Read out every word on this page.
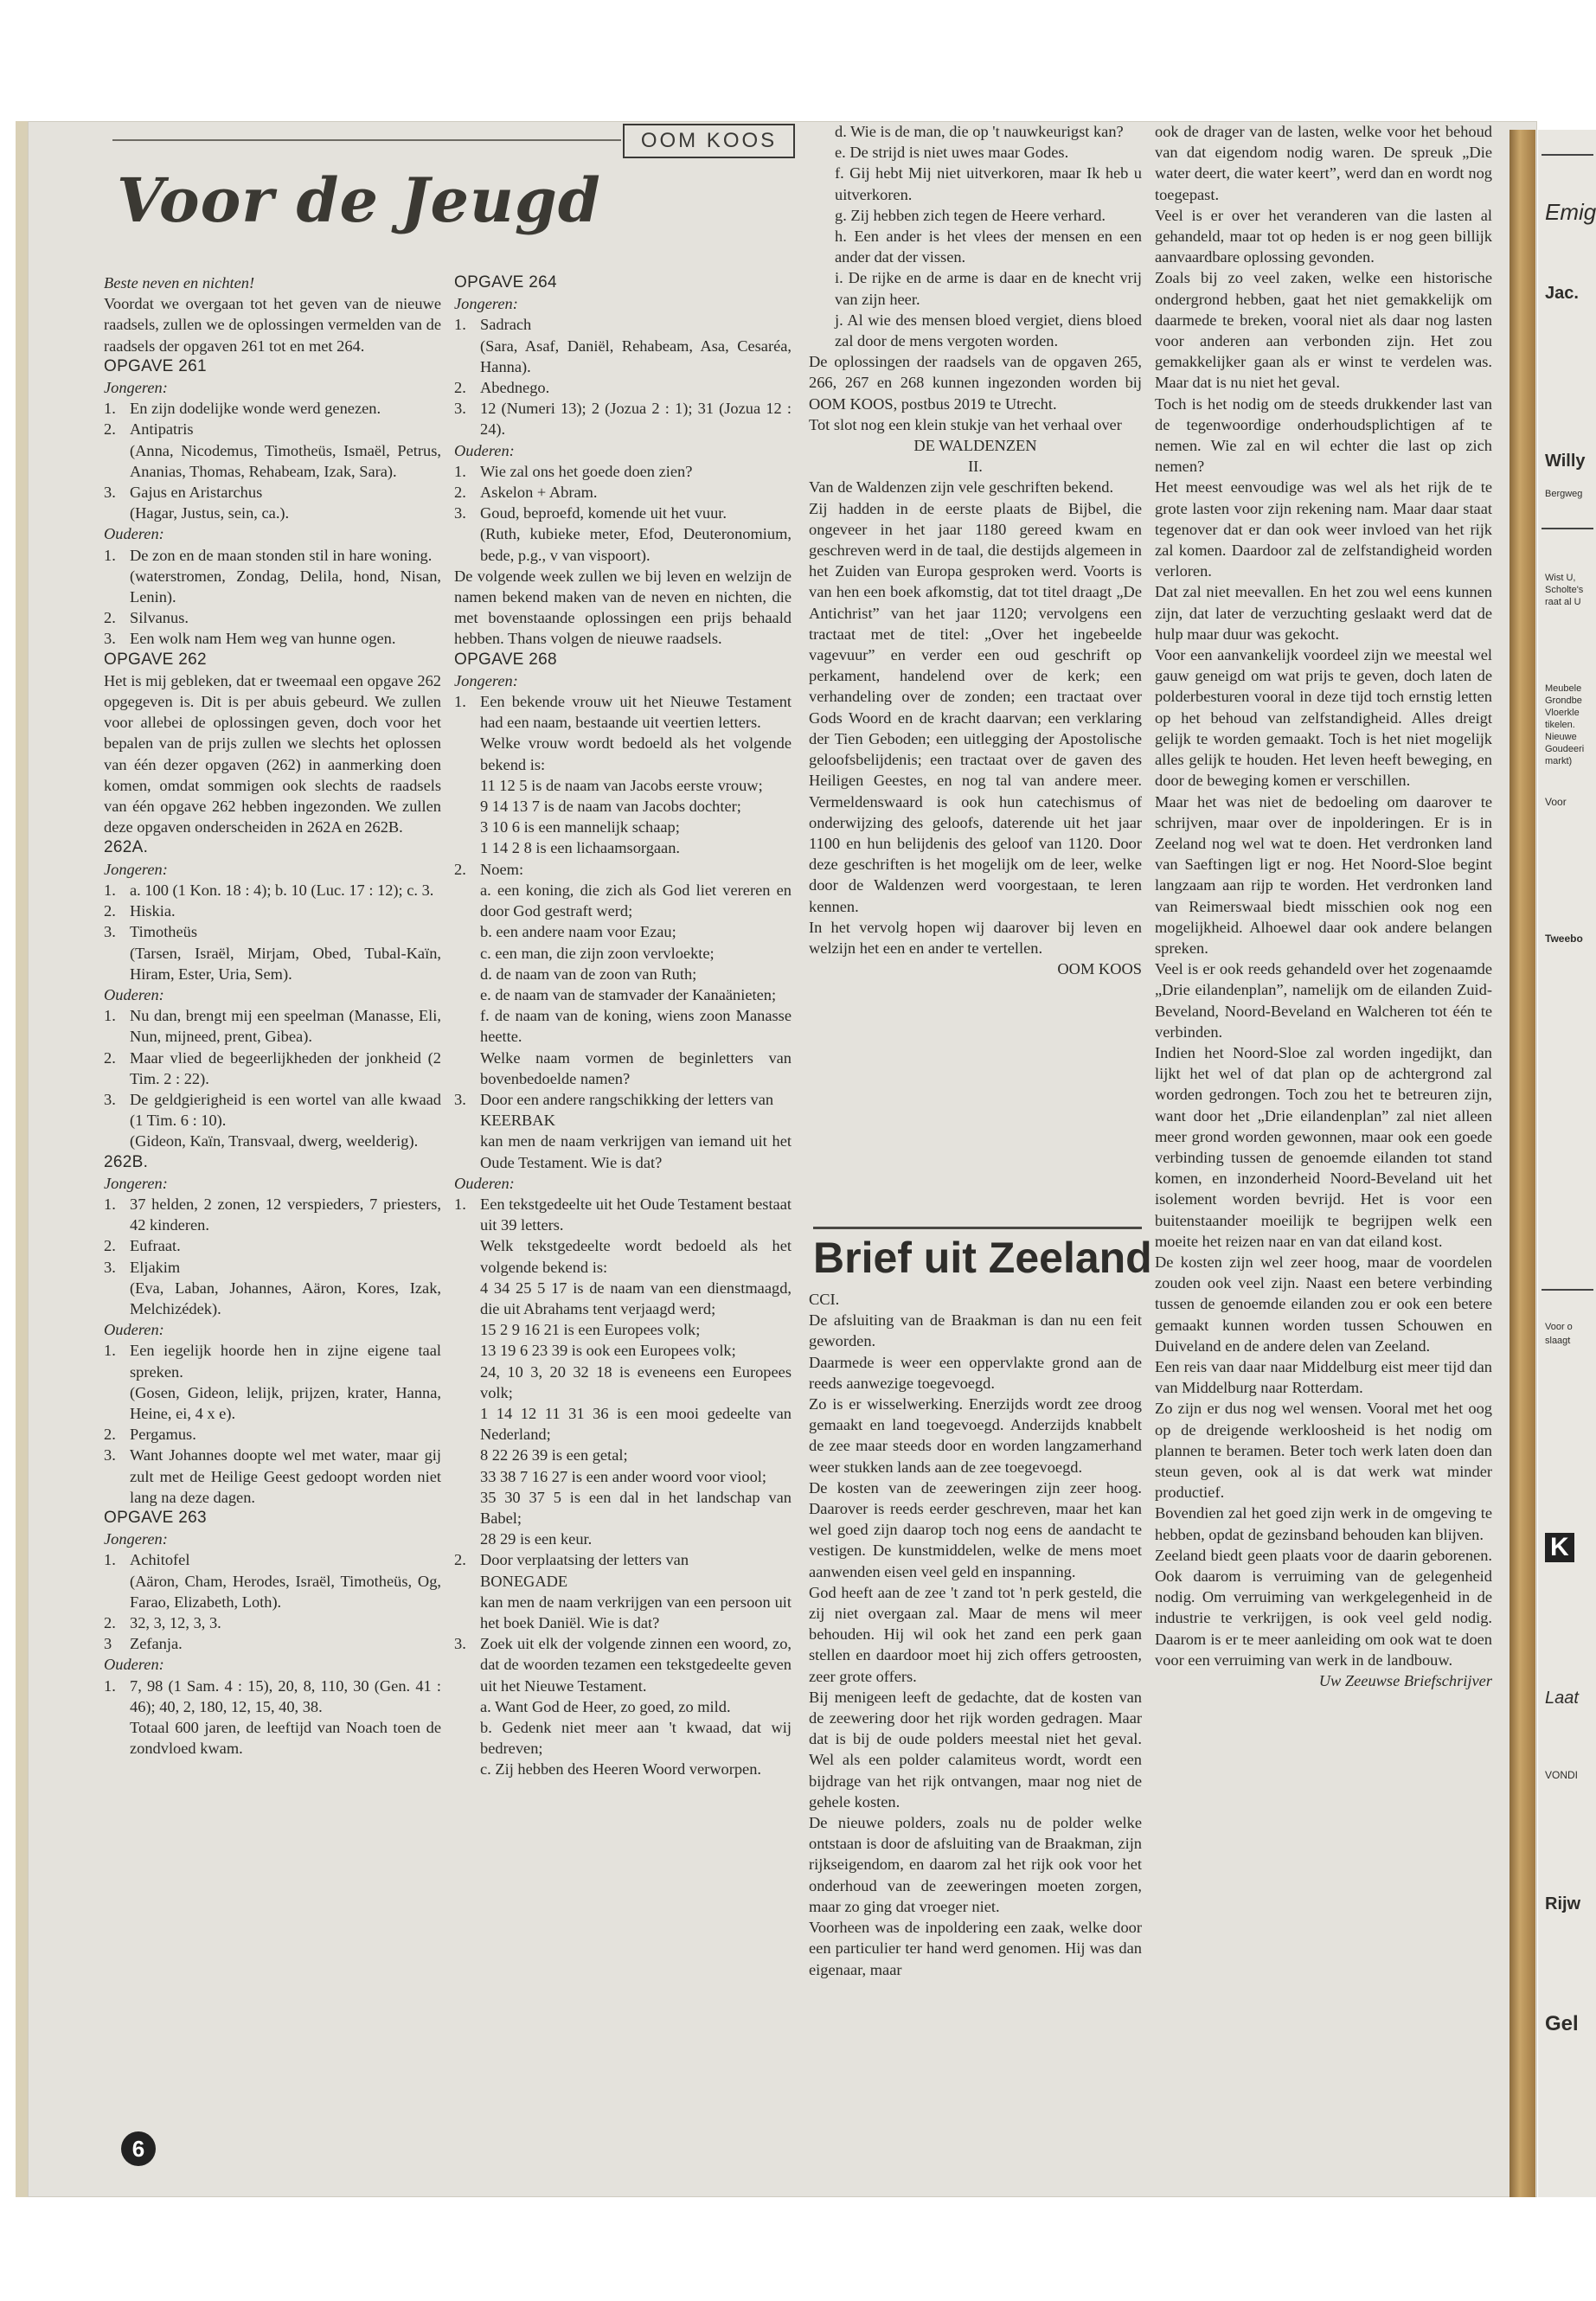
Emig
Jac.
Willy
Bergweg
Wist U,
Scholte's
raat al U
Meubele
Grondbe
Vloerkle
tikelen.
Nieuwe
Goudeeri
markt)
Voor
Tweebo
Voor o
slaagt
K
Laat
VONDI
Rijw
Gel
OOM KOOS
Voor de Jeugd

Beste neven en nichten!

Voordat we overgaan tot het geven van de nieuwe raadsels, zullen we de oplossingen vermelden van de raadsels der opgaven 261 tot en met 264.

OPGAVE 261

Jongeren:

1. En zijn dodelijke wonde werd genezen.
2. Antipatris

(Anna, Nicodemus, Timotheüs, Ismaël, Petrus, Ananias, Thomas, Rehabeam, Izak, Sara).

3. Gajus en Aristarchus

(Hagar, Justus, sein, ca.).

Ouderen:

1. De zon en de maan stonden stil in hare woning.

(waterstromen, Zondag, Delila, hond, Nisan, Lenin).

2. Silvanus.
3. Een wolk nam Hem weg van hunne ogen.

OPGAVE 262

Het is mij gebleken, dat er tweemaal een opgave 262 opgegeven is. Dit is per abuis gebeurd. We zullen voor allebei de oplossingen geven, doch voor het bepalen van de prijs zullen we slechts het oplossen van één dezer opgaven (262) in aanmerking doen komen, omdat sommigen ook slechts de raadsels van één opgave 262 hebben ingezonden. We zullen deze opgaven onderscheiden in 262A en 262B.

262A.

Jongeren:

1. a. 100 (1 Kon. 18 : 4); b. 10 (Luc. 17 : 12); c. 3.
2. Hiskia.
3. Timotheüs

(Tarsen, Israël, Mirjam, Obed, Tubal-Kaïn, Hiram, Ester, Uria, Sem).

Ouderen:

1. Nu dan, brengt mij een speelman (Manasse, Eli, Nun, mijneed, prent, Gibea).
2. Maar vlied de begeerlijkheden der jonkheid (2 Tim. 2 : 22).
3. De geldgierigheid is een wortel van alle kwaad (1 Tim. 6 : 10).

(Gideon, Kaïn, Transvaal, dwerg, weelderig).

262B.

Jongeren:

1. 37 helden, 2 zonen, 12 verspieders, 7 priesters, 42 kinderen.
2. Eufraat.
3. Eljakim

(Eva, Laban, Johannes, Aäron, Kores, Izak, Melchizédek).

Ouderen:

1. Een iegelijk hoorde hen in zijne eigene taal spreken.

(Gosen, Gideon, lelijk, prijzen, krater, Hanna, Heine, ei, 4 x e).

2. Pergamus.
3. Want Johannes doopte wel met water, maar gij zult met de Heilige Geest gedoopt worden niet lang na deze dagen.

OPGAVE 263

Jongeren:

1. Achitofel

(Aäron, Cham, Herodes, Israël, Timotheüs, Og, Farao, Elizabeth, Loth).

2. 32, 3, 12, 3, 3.
3	Zefanja.

Ouderen:

1. 7, 98 (1 Sam. 4 : 15), 20, 8, 110, 30 (Gen. 41 : 46); 40, 2, 180, 12, 15, 40, 38.

Totaal 600 jaren, de leeftijd van Noach toen de zondvloed kwam.

OPGAVE 264

Jongeren:

1. Sadrach

(Sara, Asaf, Daniël, Rehabeam, Asa, Cesaréa, Hanna).

2. Abednego.
3. 12 (Numeri 13); 2 (Jozua 2 : 1); 31 (Jozua 12 : 24).

Ouderen:

1. Wie zal ons het goede doen zien?
2. Askelon + Abram.
3. Goud, beproefd, komende uit het vuur.

(Ruth, kubieke meter, Efod, Deuteronomium, bede, p.g., v van vispoort).

De volgende week zullen we bij leven en welzijn de namen bekend maken van de neven en nichten, die met bovenstaande oplossingen een prijs behaald hebben. Thans volgen de nieuwe raadsels.

OPGAVE 268

Jongeren:

1. Een bekende vrouw uit het Nieuwe Testament had een naam, bestaande uit veertien letters.

Welke vrouw wordt bedoeld als het volgende bekend is:

11 12 5 is de naam van Jacobs eerste vrouw;

9 14 13 7 is de naam van Jacobs dochter;

3 10 6 is een mannelijk schaap;

1 14 2 8 is een lichaamsorgaan.

2. Noem:

a. een koning, die zich als God liet vereren en door God gestraft werd;

b. een andere naam voor Ezau;

c. een man, die zijn zoon vervloekte;

d. de naam van de zoon van Ruth;

e. de naam van de stamvader der Kanaänieten;

f. de naam van de koning, wiens zoon Manasse heette.

Welke naam vormen de beginletters van bovenbedoelde namen?

3. Door een andere rangschikking der letters van

KEERBAK

kan men de naam verkrijgen van iemand uit het Oude Testament. Wie is dat?

Ouderen:

1. Een tekstgedeelte uit het Oude Testament bestaat uit 39 letters.

Welk tekstgedeelte wordt bedoeld als het volgende bekend is:

4 34 25 5 17 is de naam van een dienstmaagd, die uit Abrahams tent verjaagd werd;

15 2 9 16 21 is een Europees volk;

13 19 6 23 39 is ook een Europees volk;

24, 10 3, 20 32 18 is eveneens een Europees volk;

1 14 12 11 31 36 is een mooi gedeelte van Nederland;

8 22 26 39 is een getal;

33 38 7 16 27 is een ander woord voor viool;

35 30 37 5 is een dal in het landschap van Babel;

28 29 is een keur.

2. Door verplaatsing der letters van

BONEGADE

kan men de naam verkrijgen van een persoon uit het boek Daniël. Wie is dat?

3. Zoek uit elk der volgende zinnen een woord, zo, dat de woorden tezamen een tekstgedeelte geven uit het Nieuwe Testament.

a. Want God de Heer, zo goed, zo mild.

b. Gedenk niet meer aan 't kwaad, dat wij bedreven;

c. Zij hebben des Heeren Woord verworpen.

d. Wie is de man, die op 't nauwkeurigst kan?

e. De strijd is niet uwes maar Godes.

f. Gij hebt Mij niet uitverkoren, maar Ik heb u uitverkoren.

g. Zij hebben zich tegen de Heere verhard.

h. Een ander is het vlees der mensen en een ander dat der vissen.

i. De rijke en de arme is daar en de knecht vrij van zijn heer.

j. Al wie des mensen bloed vergiet, diens bloed zal door de mens vergoten worden.

De oplossingen der raadsels van de opgaven 265, 266, 267 en 268 kunnen ingezonden worden bij OOM KOOS, postbus 2019 te Utrecht.

Tot slot nog een klein stukje van het verhaal over

DE WALDENZEN

II.

Van de Waldenzen zijn vele geschriften bekend.

Zij hadden in de eerste plaats de Bijbel, die ongeveer in het jaar 1180 gereed kwam en geschreven werd in de taal, die destijds algemeen in het Zuiden van Europa gesproken werd. Voorts is van hen een boek afkomstig, dat tot titel draagt „De Antichrist” van het jaar 1120; vervolgens een tractaat met de titel: „Over het ingebeelde vagevuur” en verder een oud geschrift op perkament, handelend over de kerk; een verhandeling over de zonden; een tractaat over Gods Woord en de kracht daarvan; een verklaring der Tien Geboden; een uitlegging der Apostolische geloofsbelijdenis; een tractaat over de gaven des Heiligen Geestes, en nog tal van andere meer. Vermeldenswaard is ook hun catechismus of onderwijzing des geloofs, daterende uit het jaar 1100 en hun belijdenis des geloof van 1120. Door deze geschriften is het mogelijk om de leer, welke door de Waldenzen werd voorgestaan, te leren kennen.

In het vervolg hopen wij daarover bij leven en welzijn het een en ander te vertellen.

OOM KOOS
Brief uit Zeeland

CCI.

De afsluiting van de Braakman is dan nu een feit geworden.

Daarmede is weer een oppervlakte grond aan de reeds aanwezige toegevoegd.

Zo is er wisselwerking. Enerzijds wordt zee droog gemaakt en land toegevoegd. Anderzijds knabbelt de zee maar steeds door en worden langzamerhand weer stukken lands aan de zee toegevoegd.

De kosten van de zeeweringen zijn zeer hoog. Daarover is reeds eerder geschreven, maar het kan wel goed zijn daarop toch nog eens de aandacht te vestigen. De kunstmiddelen, welke de mens moet aanwenden eisen veel geld en inspanning.

God heeft aan de zee 't zand tot 'n perk gesteld, die zij niet overgaan zal. Maar de mens wil meer behouden. Hij wil ook het zand een perk gaan stellen en daardoor moet hij zich offers getroosten, zeer grote offers.

Bij menigeen leeft de gedachte, dat de kosten van de zeewering door het rijk worden gedragen. Maar dat is bij de oude polders meestal niet het geval. Wel als een polder calamiteus wordt, wordt een bijdrage van het rijk ontvangen, maar nog niet de gehele kosten.

De nieuwe polders, zoals nu de polder welke ontstaan is door de afsluiting van de Braakman, zijn rijkseigendom, en daarom zal het rijk ook voor het onderhoud van de zeeweringen moeten zorgen, maar zo ging dat vroeger niet.

Voorheen was de inpoldering een zaak, welke door een particulier ter hand werd genomen. Hij was dan eigenaar, maar

ook de drager van de lasten, welke voor het behoud van dat eigendom nodig waren. De spreuk „Die water deert, die water keert”, werd dan en wordt nog toegepast.

Veel is er over het veranderen van die lasten al gehandeld, maar tot op heden is er nog geen billijk aanvaardbare oplossing gevonden.

Zoals bij zo veel zaken, welke een historische ondergrond hebben, gaat het niet gemakkelijk om daarmede te breken, vooral niet als daar nog lasten voor anderen aan verbonden zijn. Het zou gemakkelijker gaan als er winst te verdelen was. Maar dat is nu niet het geval.

Toch is het nodig om de steeds drukkender last van de tegenwoordige onderhoudsplichtigen af te nemen. Wie zal en wil echter die last op zich nemen?

Het meest eenvoudige was wel als het rijk de te grote lasten voor zijn rekening nam. Maar daar staat tegenover dat er dan ook weer invloed van het rijk zal komen. Daardoor zal de zelfstandigheid worden verloren.

Dat zal niet meevallen. En het zou wel eens kunnen zijn, dat later de verzuchting geslaakt werd dat de hulp maar duur was gekocht.

Voor een aanvankelijk voordeel zijn we meestal wel gauw geneigd om wat prijs te geven, doch laten de polderbesturen vooral in deze tijd toch ernstig letten op het behoud van zelfstandigheid. Alles dreigt gelijk te worden gemaakt. Toch is het niet mogelijk alles gelijk te houden. Het leven heeft beweging, en door de beweging komen er verschillen.

Maar het was niet de bedoeling om daarover te schrijven, maar over de inpolderingen. Er is in Zeeland nog wel wat te doen. Het verdronken land van Saeftingen ligt er nog. Het Noord-Sloe begint langzaam aan rijp te worden. Het verdronken land van Reimerswaal biedt misschien ook nog een mogelijkheid. Alhoewel daar ook andere belangen spreken.

Veel is er ook reeds gehandeld over het zogenaamde „Drie eilandenplan”, namelijk om de eilanden Zuid-Beveland, Noord-Beveland en Walcheren tot één te verbinden.

Indien het Noord-Sloe zal worden ingedijkt, dan lijkt het wel of dat plan op de achtergrond zal worden gedrongen. Toch zou het te betreuren zijn, want door het „Drie eilandenplan” zal niet alleen meer grond worden gewonnen, maar ook een goede verbinding tussen de genoemde eilanden tot stand komen, en inzonderheid Noord-Beveland uit het isolement worden bevrijd. Het is voor een buitenstaander moeilijk te begrijpen welk een moeite het reizen naar en van dat eiland kost.

De kosten zijn wel zeer hoog, maar de voordelen zouden ook veel zijn. Naast een betere verbinding tussen de genoemde eilanden zou er ook een betere gemaakt kunnen worden tussen Schouwen en Duiveland en de andere delen van Zeeland.

Een reis van daar naar Middelburg eist meer tijd dan van Middelburg naar Rotterdam.

Zo zijn er dus nog wel wensen. Vooral met het oog op de dreigende werkloosheid is het nodig om plannen te beramen. Beter toch werk laten doen dan steun geven, ook al is dat werk wat minder productief.

Bovendien zal het goed zijn werk in de omgeving te hebben, opdat de gezinsband behouden kan blijven.

Zeeland biedt geen plaats voor de daarin geborenen. Ook daarom is verruiming van de gelegenheid nodig. Om verruiming van werkgelegenheid in de industrie te verkrijgen, is ook veel geld nodig. Daarom is er te meer aanleiding om ook wat te doen voor een verruiming van werk in de landbouw.

Uw Zeeuwse Briefschrijver

6
